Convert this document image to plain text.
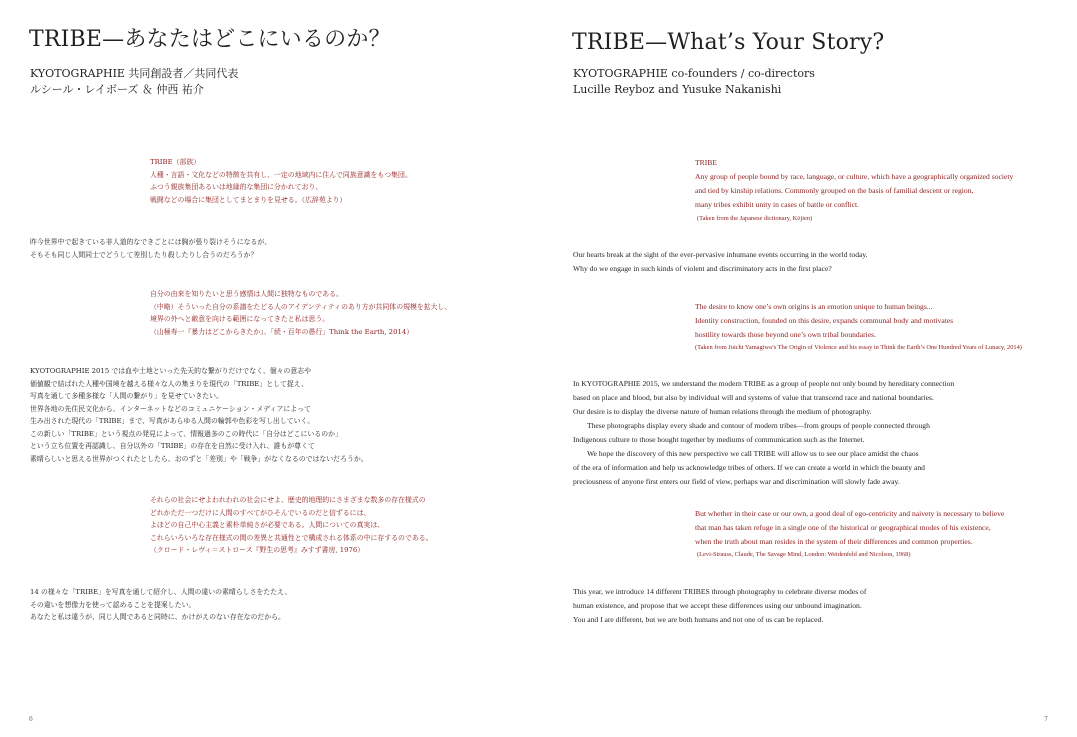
TRIBE—あなたはどこにいるのか？
KYOTOGRAPHIE 共同創設者／共同代表
ルシール・レイボーズ ＆ 仲西 祐介
TRIBE（部族）
人種・言語・文化などの特徴を共有し、一定の地域内に住んで同族意識をもつ集団。
ふつう親族集団あるいは地縁的な集団に分かれており、
戦闘などの場合に集団としてまとまりを見せる。（広辞苑より）
昨今世界中で起きている非人道的なできごとには胸が張り裂けそうになるが、
そもそも同じ人間同士でどうして差別したり殺したりし合うのだろうか？
自分の由来を知りたいと思う感情は人間に独特なものである。
（中略）そういった自分の系譜をたどる人のアイデンティティのあり方が共同体の規模を拡大し、
境界の外へと敵意を向ける範囲になってきたと私は思う。
（山極寿一『暴力はどこからきたか』、「続・百年の愚行」Think the Earth, 2014）
KYOTOGRAPHIE 2015 では血や土地といった先天的な繋がりだけでなく、個々の意志や
価値観で結ばれた人種や国境を越える様々な人の集まりを現代の「TRIBE」として捉え、
写真を通して多種多様な「人間の繋がり」を見せていきたい。
世界各地の先住民文化から、インターネットなどのコミュニケーション・メディアによって
生み出された現代の「TRIBE」まで、写真があらゆる人間の輪郭や色彩を写し出していく。
この新しい「TRIBE」という視点の発見によって、情報過多のこの時代に「自分はどこにいるのか」
という立ち位置を再認識し、自分以外の「TRIBE」の存在を自然に受け入れ、誰もが尊くて
素晴らしいと思える世界がつくれたとしたら、おのずと「差別」や「戦争」がなくなるのではないだろうか。
それらの社会にせよわれわれの社会にせよ、歴史的地理的にさまざまな数多の存在様式の
どれかただ一つだけに人間のすべてがひそんでいるのだと信ずるには、
よほどの自己中心主義と素朴単純さが必要である。人間についての真実は、
これらいろいろな存在様式の間の差異と共通性とで構成される体系の中に存するのである。
（クロード・レヴィ＝ストロース『野生の思考』みすず書房, 1976）
14 の様々な「TRIBE」を写真を通して紹介し、人間の違いの素晴らしさをたたえ、
その違いを想像力を使って認めることを提案したい。
あなたと私は違うが、同じ人間であると同時に、かけがえのない存在なのだから。
6
TRIBE—What’s Your Story?
KYOTOGRAPHIE co-founders / co-directors
Lucille Reyboz and Yusuke Nakanishi
TRIBE
Any group of people bound by race, language, or culture, which have a geographically organized society
and tied by kinship relations. Commonly grouped on the basis of familial descent or region,
many tribes exhibit unity in cases of battle or conflict.
(Taken from the Japanese dictionary, Kōjien)
Our hearts break at the sight of the ever-pervasive inhumane events occurring in the world today.
Why do we engage in such kinds of violent and discriminatory acts in the first place?
The desire to know one’s own origins is an emotion unique to human beings...
Identity construction, founded on this desire, expands communal body and motivates
hostility towards those beyond one’s own tribal boundaries.
(Taken from Juichi Yamagiwa’s The Origin of Violence and his essay in Think the Earth’s One Hundred Years of Lunacy, 2014)
In KYOTOGRAPHIE 2015, we understand the modern TRIBE as a group of people not only bound by hereditary connection
based on place and blood, but also by individual will and systems of value that transcend race and national boundaries.
Our desire is to display the diverse nature of human relations through the medium of photography.
These photographs display every shade and contour of modern tribes—from groups of people connected through
Indigenous culture to those bought together by mediums of communication such as the Internet.
We hope the discovery of this new perspective we call TRIBE will allow us to see our place amidst the chaos
of the era of information and help us acknowledge tribes of others. If we can create a world in which the beauty and
preciousness of anyone first enters our field of view, perhaps war and discrimination will slowly fade away.
But whether in their case or our own, a good deal of ego-centricity and naivety is necessary to believe
that man has taken refuge in a single one of the historical or geographical modes of his existence,
when the truth about man resides in the system of their differences and common properties.
(Levi-Strauss, Claude, The Savage Mind, London: Weidenfeld and Nicolson, 1968)
This year, we introduce 14 different TRIBES through photography to celebrate diverse modes of
human existence, and propose that we accept these differences using our unbound imagination.
You and I are different, but we are both humans and not one of us can be replaced.
7
